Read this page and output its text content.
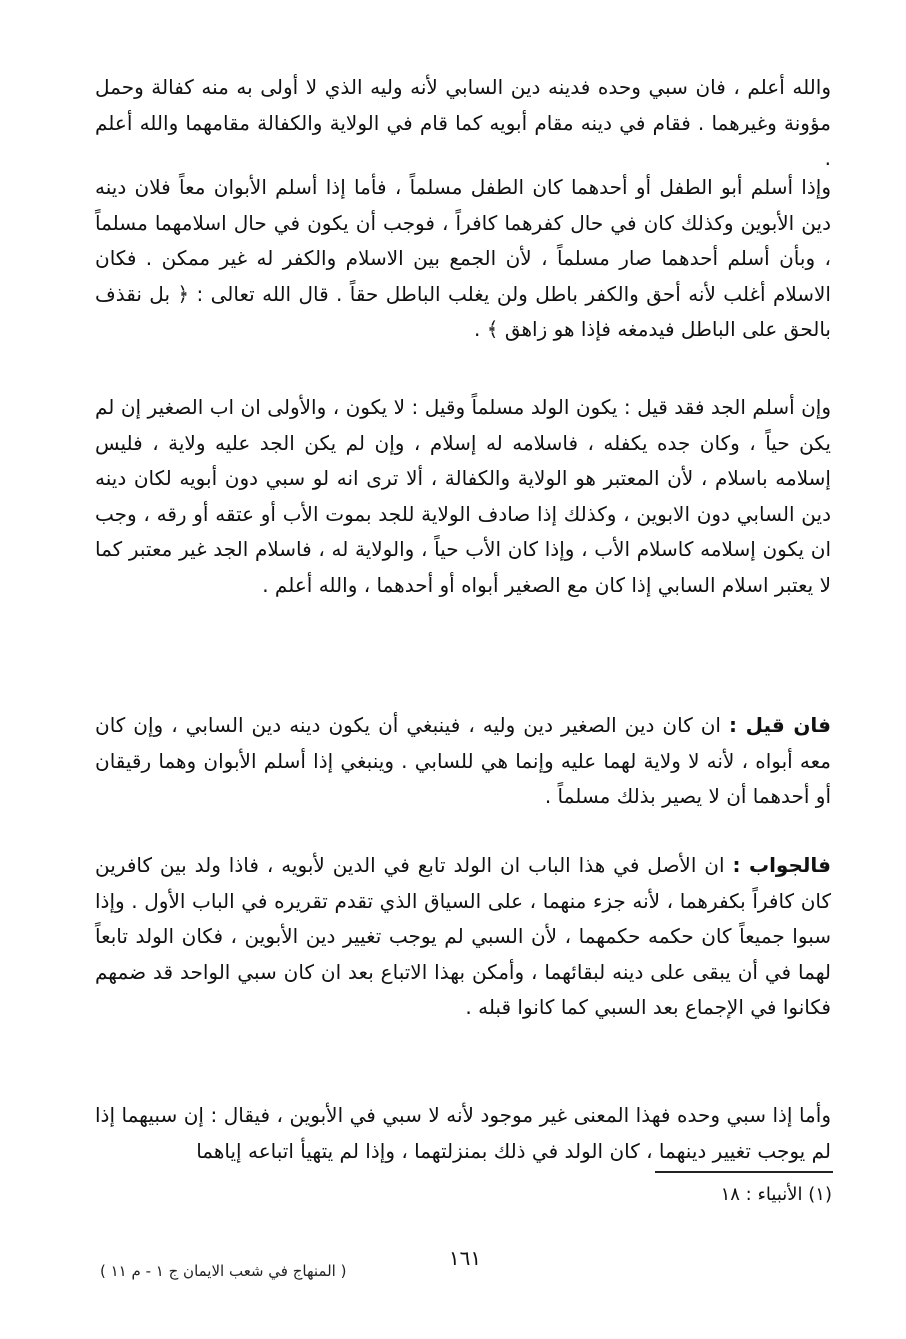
والله أعلم ، فان سبي وحده فدينه دين السابي لأنه وليه الذي لا أولى به منه كفالة وحمل مؤونة وغيرهما . فقام في دينه مقام أبويه كما قام في الولاية والكفالة مقامهما والله أعلم .

وإذا أسلم أبو الطفل أو أحدهما كان الطفل مسلماً ، فأما إذا أسلم الأبوان معاً فلان دينه دين الأبوين وكذلك كان في حال كفرهما كافراً ، فوجب أن يكون في حال اسلامهما مسلماً ، وبأن أسلم أحدهما صار مسلماً ، لأن الجمع بين الاسلام والكفر له غير ممكن . فكان الاسلام أغلب لأنه أحق والكفر باطل ولن يغلب الباطل حقاً . قال الله تعالى : ﴿ بل نقذف بالحق على الباطل فيدمغه فإذا هو زاهق ﴾ .

وإن أسلم الجد فقد قيل : يكون الولد مسلماً وقيل : لا يكون ، والأولى ان اب الصغير إن لم يكن حياً ، وكان جده يكفله ، فاسلامه له إسلام ، وإن لم يكن الجد عليه ولاية ، فليس إسلامه باسلام ، لأن المعتبر هو الولاية والكفالة ، ألا ترى انه لو سبي دون أبويه لكان دينه دين السابي دون الابوين ، وكذلك إذا صادف الولاية للجد بموت الأب أو عتقه أو رقه ، وجب ان يكون إسلامه كاسلام الأب ، وإذا كان الأب حياً ، والولاية له ، فاسلام الجد غير معتبر كما لا يعتبر اسلام السابي إذا كان مع الصغير أبواه أو أحدهما ، والله أعلم .

فان قيل : ان كان دين الصغير دين وليه ، فينبغي أن يكون دينه دين السابي ، وإن كان معه أبواه ، لأنه لا ولاية لهما عليه وإنما هي للسابي . وينبغي إذا أسلم الأبوان وهما رقيقان أو أحدهما أن لا يصير بذلك مسلماً .

فالجواب : ان الأصل في هذا الباب ان الولد تابع في الدين لأبويه ، فاذا ولد بين كافرين كان كافراً بكفرهما ، لأنه جزء منهما ، على السياق الذي تقدم تقريره في الباب الأول . وإذا سبوا جميعاً كان حكمه حكمهما ، لأن السبي لم يوجب تغيير دين الأبوين ، فكان الولد تابعاً لهما في أن يبقى على دينه لبقائهما ، وأمكن بهذا الاتباع بعد ان كان سبي الواحد قد ضمهم فكانوا في الإجماع بعد السبي كما كانوا قبله .

وأما إذا سبي وحده فهذا المعنى غير موجود لأنه لا سبي في الأبوين ، فيقال : إن سبيهما إذا لم يوجب تغيير دينهما ، كان الولد في ذلك بمنزلتهما ، وإذا لم يتهيأ اتباعه إياهما

(١) الأنبياء : ١٨
١٦١
( المنهاج في شعب الايمان ج ١ - م ١١ )
